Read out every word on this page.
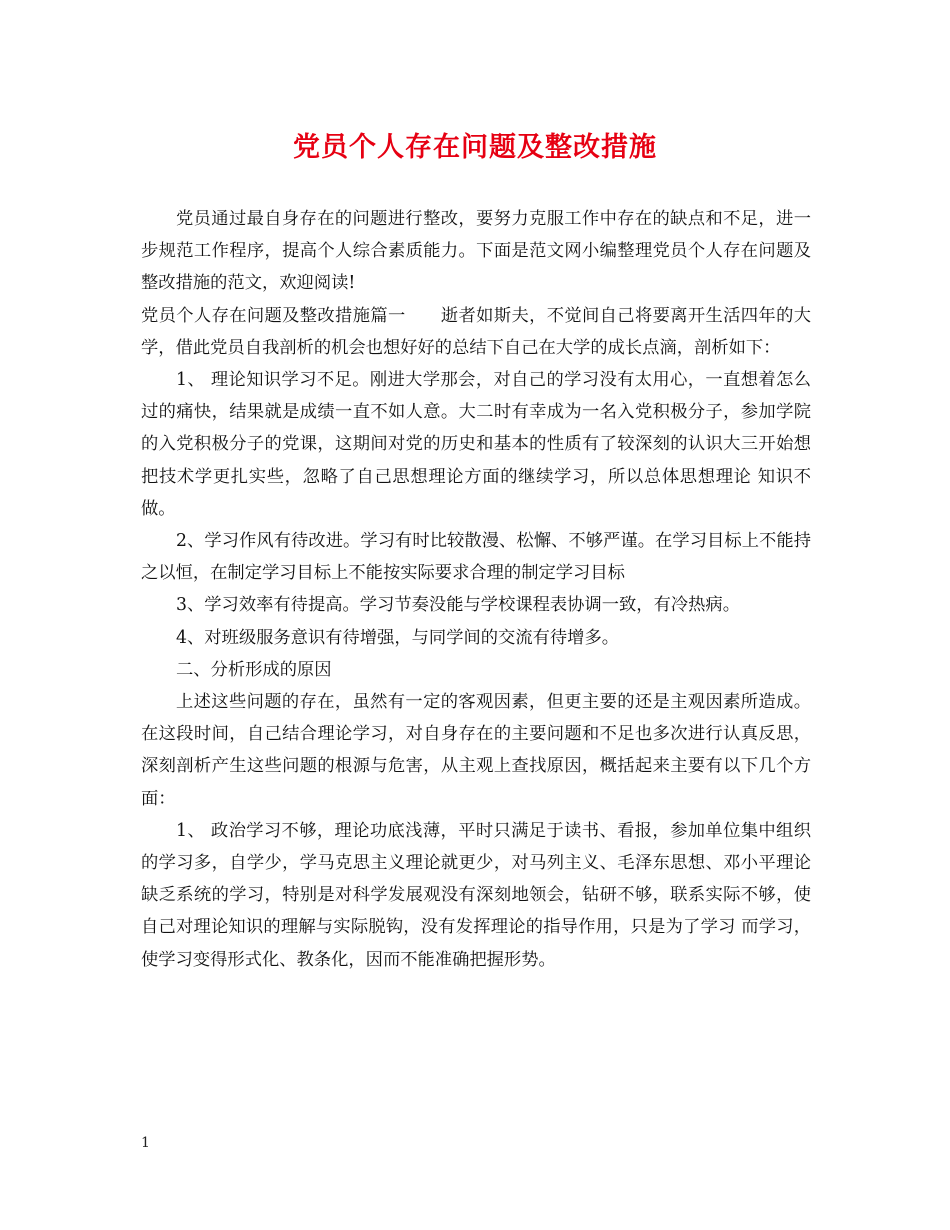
党员个人存在问题及整改措施

党员通过最自身存在的问题进行整改，要努力克服工作中存在的缺点和不足，进一步规范工作程序，提高个人综合素质能力。下面是范文网小编整理党员个人存在问题及整改措施的范文，欢迎阅读!

党员个人存在问题及整改措施篇一　　逝者如斯夫，不觉间自己将要离开生活四年的大学，借此党员自我剖析的机会也想好好的总结下自己在大学的成长点滴，剖析如下：

1、 理论知识学习不足。刚进大学那会，对自己的学习没有太用心，一直想着怎么过的痛快，结果就是成绩一直不如人意。大二时有幸成为一名入党积极分子，参加学院 的入党积极分子的党课，这期间对党的历史和基本的性质有了较深刻的认识大三开始想把技术学更扎实些，忽略了自己思想理论方面的继续学习，所以总体思想理论 知识不做。

2、学习作风有待改进。学习有时比较散漫、松懈、不够严谨。在学习目标上不能持之以恒，在制定学习目标上不能按实际要求合理的制定学习目标

3、学习效率有待提高。学习节奏没能与学校课程表协调一致，有冷热病。

4、对班级服务意识有待增强，与同学间的交流有待增多。

二、分析形成的原因

上述这些问题的存在，虽然有一定的客观因素，但更主要的还是主观因素所造成。在这段时间，自己结合理论学习，对自身存在的主要问题和不足也多次进行认真反思，深刻剖析产生这些问题的根源与危害，从主观上查找原因，概括起来主要有以下几个方面：

1、 政治学习不够，理论功底浅薄，平时只满足于读书、看报，参加单位集中组织的学习多，自学少，学马克思主义理论就更少，对马列主义、毛泽东思想、邓小平理论 缺乏系统的学习，特别是对科学发展观没有深刻地领会，钻研不够，联系实际不够，使自己对理论知识的理解与实际脱钩，没有发挥理论的指导作用，只是为了学习 而学习，使学习变得形式化、教条化，因而不能准确把握形势。

1
